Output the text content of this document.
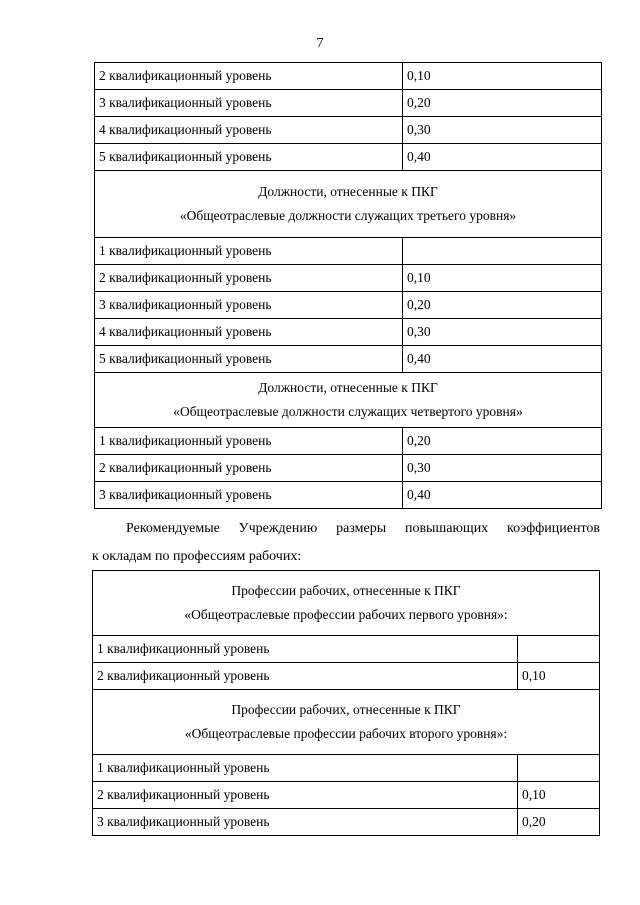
7
2 квалификационный уровень	0,10
3 квалификационный уровень	0,20
4 квалификационный уровень	0,30
5 квалификационный уровень	0,40

Должности, отнесенные к ПКГ
«Общеотраслевые должности служащих третьего уровня»	

1 квалификационный уровень	
2 квалификационный уровень	0,10
3 квалификационный уровень	0,20
4 квалификационный уровень	0,30
5 квалификационный уровень	0,40

Должности, отнесенные к ПКГ
«Общеотраслевые должности служащих четвертого уровня»	

1 квалификационный уровень	0,20
2 квалификационный уровень	0,30
3 квалификационный уровень	0,40
Рекомендуемые Учреждению размеры повышающих коэффициентов
к окладам по профессиям рабочих:
Профессии рабочих, отнесенные к ПКГ
«Общеотраслевые профессии рабочих первого уровня»:	

1 квалификационный уровень	
2 квалификационный уровень	0,10

Профессии рабочих, отнесенные к ПКГ
«Общеотраслевые профессии рабочих второго уровня»:	

1 квалификационный уровень	
2 квалификационный уровень	0,10
3 квалификационный уровень	0,20
